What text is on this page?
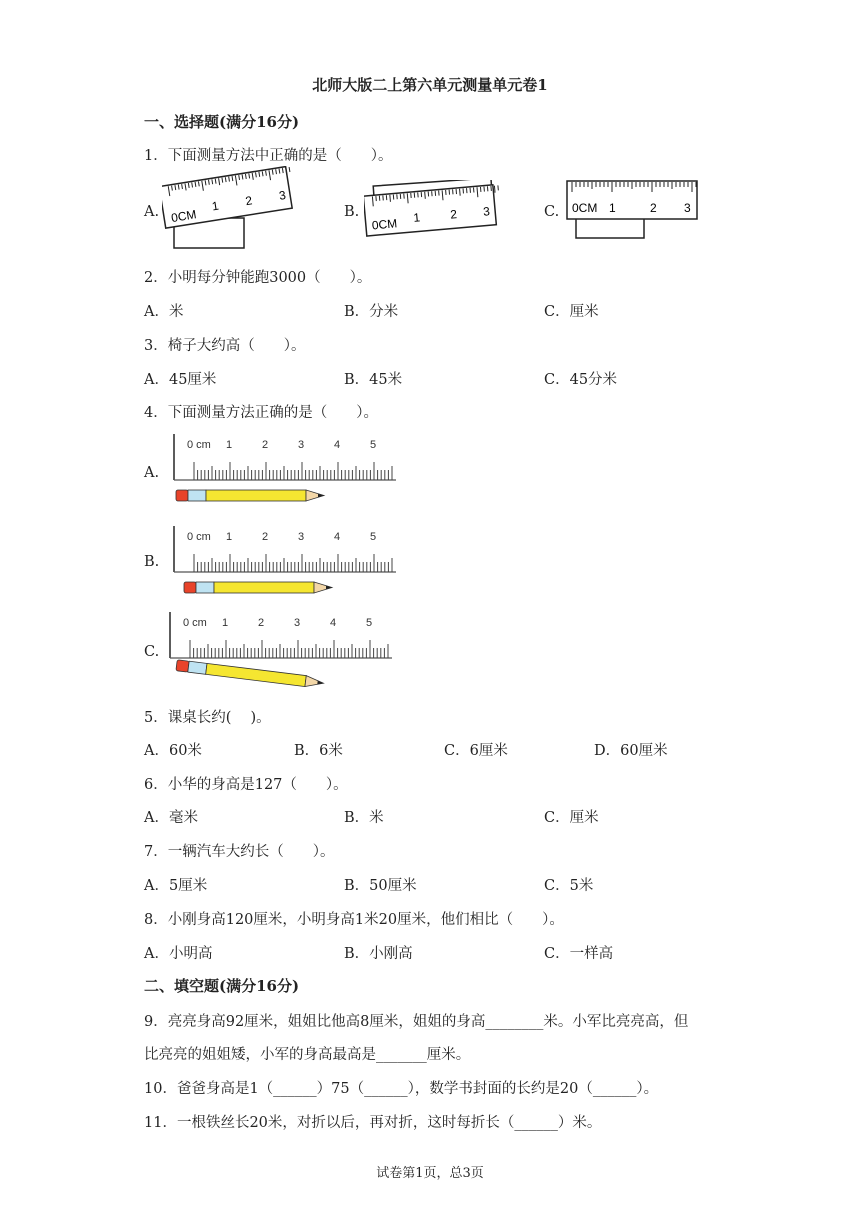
北师大版二上第六单元测量单元卷1
一、选择题(满分16分)
1．下面测量方法中正确的是（　　）。
A.	B.	C.
0CM
1 2 3
0CM 1 2 3	0CM 1	2 3
2．小明每分钟能跑3000（　　）。
A．米	B．分米	C．厘米
3．椅子大约高（　　）。
A．45厘米	B．45米	C．45分米
4．下面测量方法正确的是（　　）。
A.
0 cm 1	2	3	4	5
B.
0 cm 1	2	3	4	5
C.
0 cm 1	2	3	4	5
5．课桌长约(　 )。
A．60米	B．6米	C．6厘米	D．60厘米
6．小华的身高是127（　　）。
A．毫米	B．米	C．厘米
7．一辆汽车大约长（　　）。
A．5厘米	B．50厘米	C．5米
8．小刚身高120厘米，小明身高1米20厘米，他们相比（　　）。
A．小明高	B．小刚高	C．一样高
二、填空题(满分16分)
9．亮亮身高92厘米，姐姐比他高8厘米，姐姐的身高________米。小军比亮亮高，但
比亮亮的姐姐矮，小军的身高最高是_______厘米。
10．爸爸身高是1（______）75（______），数学书封面的长约是20（______）。
11．一根铁丝长20米，对折以后，再对折，这时每折长（______）米。
试卷第1页，总3页
